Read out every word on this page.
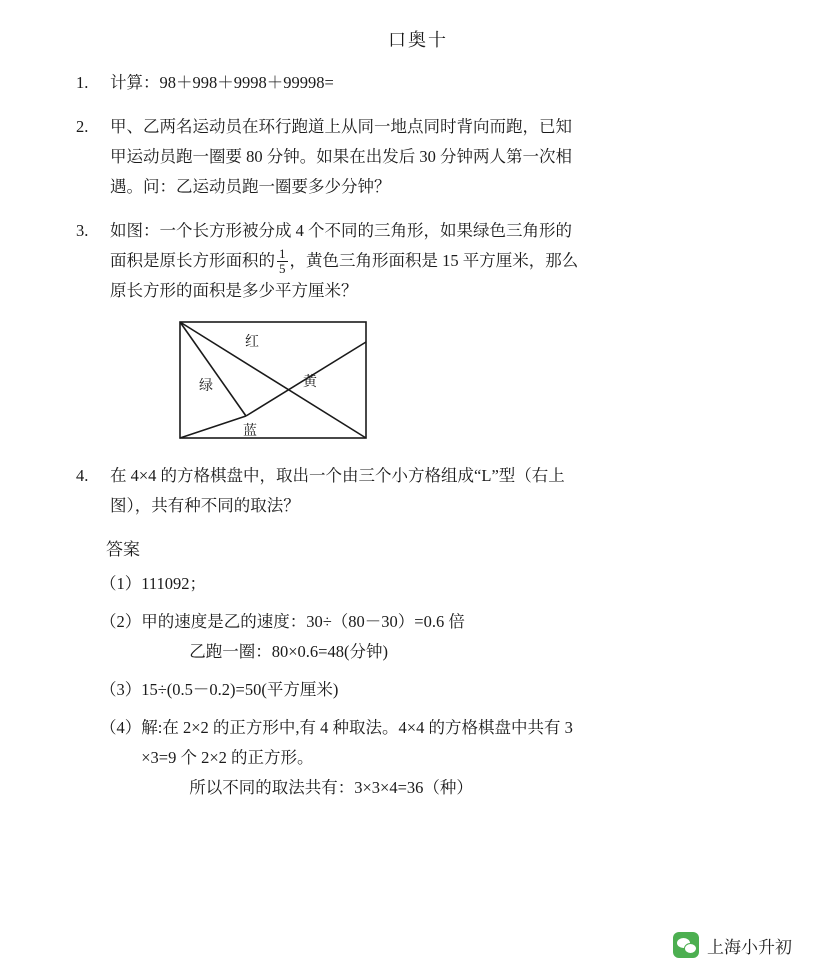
口奥十
1.	计算：98＋998＋9998＋99998=
2.	甲、乙两名运动员在环行跑道上从同一地点同时背向而跑，已知
甲运动员跑一圈要 80 分钟。如果在出发后 30 分钟两人第一次相
遇。问：乙运动员跑一圈要多少分钟？
3.	如图：一个长方形被分成 4 个不同的三角形，如果绿色三角形的
面积是原长方形面积的 $\frac{1}{5}$ ，黄色三角形面积是 15 平方厘米，那么
原长方形的面积是多少平方厘米？
红
绿	黄
蓝
4.	在 4×4 的方格棋盘中，取出一个由三个小方格组成“L”型（右上
图），共有种不同的取法？
答案
（1） 111092；
（2） 甲的速度是乙的速度：30÷（80－30）=0.6 倍
乙跑一圈：80×0.6=48(分钟)
（3） 15÷(0.5－0.2)=50(平方厘米)
（4） 解:在 2×2 的正方形中,有 4 种取法。4×4 的方格棋盘中共有 3
×3=9 个 2×2 的正方形。
所以不同的取法共有：3×3×4=36（种）
上海小升初
